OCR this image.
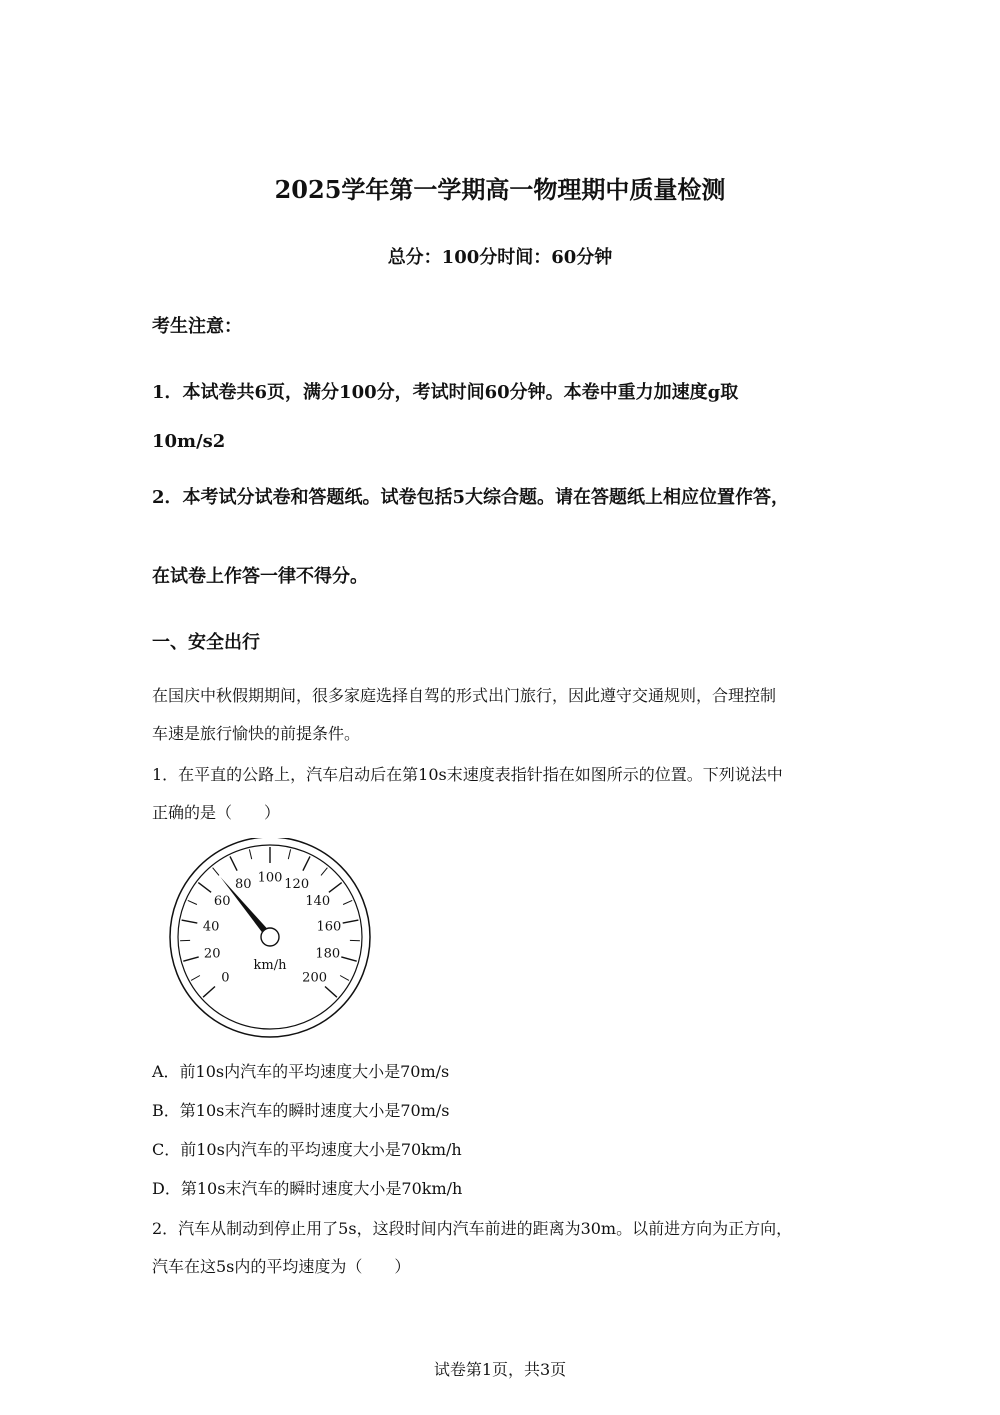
2025学年第一学期高一物理期中质量检测
总分：100分时间：60分钟
考生注意：
1．本试卷共6页，满分100分，考试时间60分钟。本卷中重力加速度g取
10m/s2
2．本考试分试卷和答题纸。试卷包括5大综合题。请在答题纸上相应位置作答，
在试卷上作答一律不得分。
一、安全出行
在国庆中秋假期期间，很多家庭选择自驾的形式出门旅行，因此遵守交通规则，合理控制
车速是旅行愉快的前提条件。
1．在平直的公路上，汽车启动后在第10s末速度表指针指在如图所示的位置。下列说法中
正确的是（　　）
0
20
40
60
80 100 120
140
160
180
200
km/h
A．前10s内汽车的平均速度大小是70m/s
B．第10s末汽车的瞬时速度大小是70m/s
C．前10s内汽车的平均速度大小是70km/h
D．第10s末汽车的瞬时速度大小是70km/h
2．汽车从制动到停止用了5s，这段时间内汽车前进的距离为30m。以前进方向为正方向，
汽车在这5s内的平均速度为（　　）
试卷第1页，共3页
